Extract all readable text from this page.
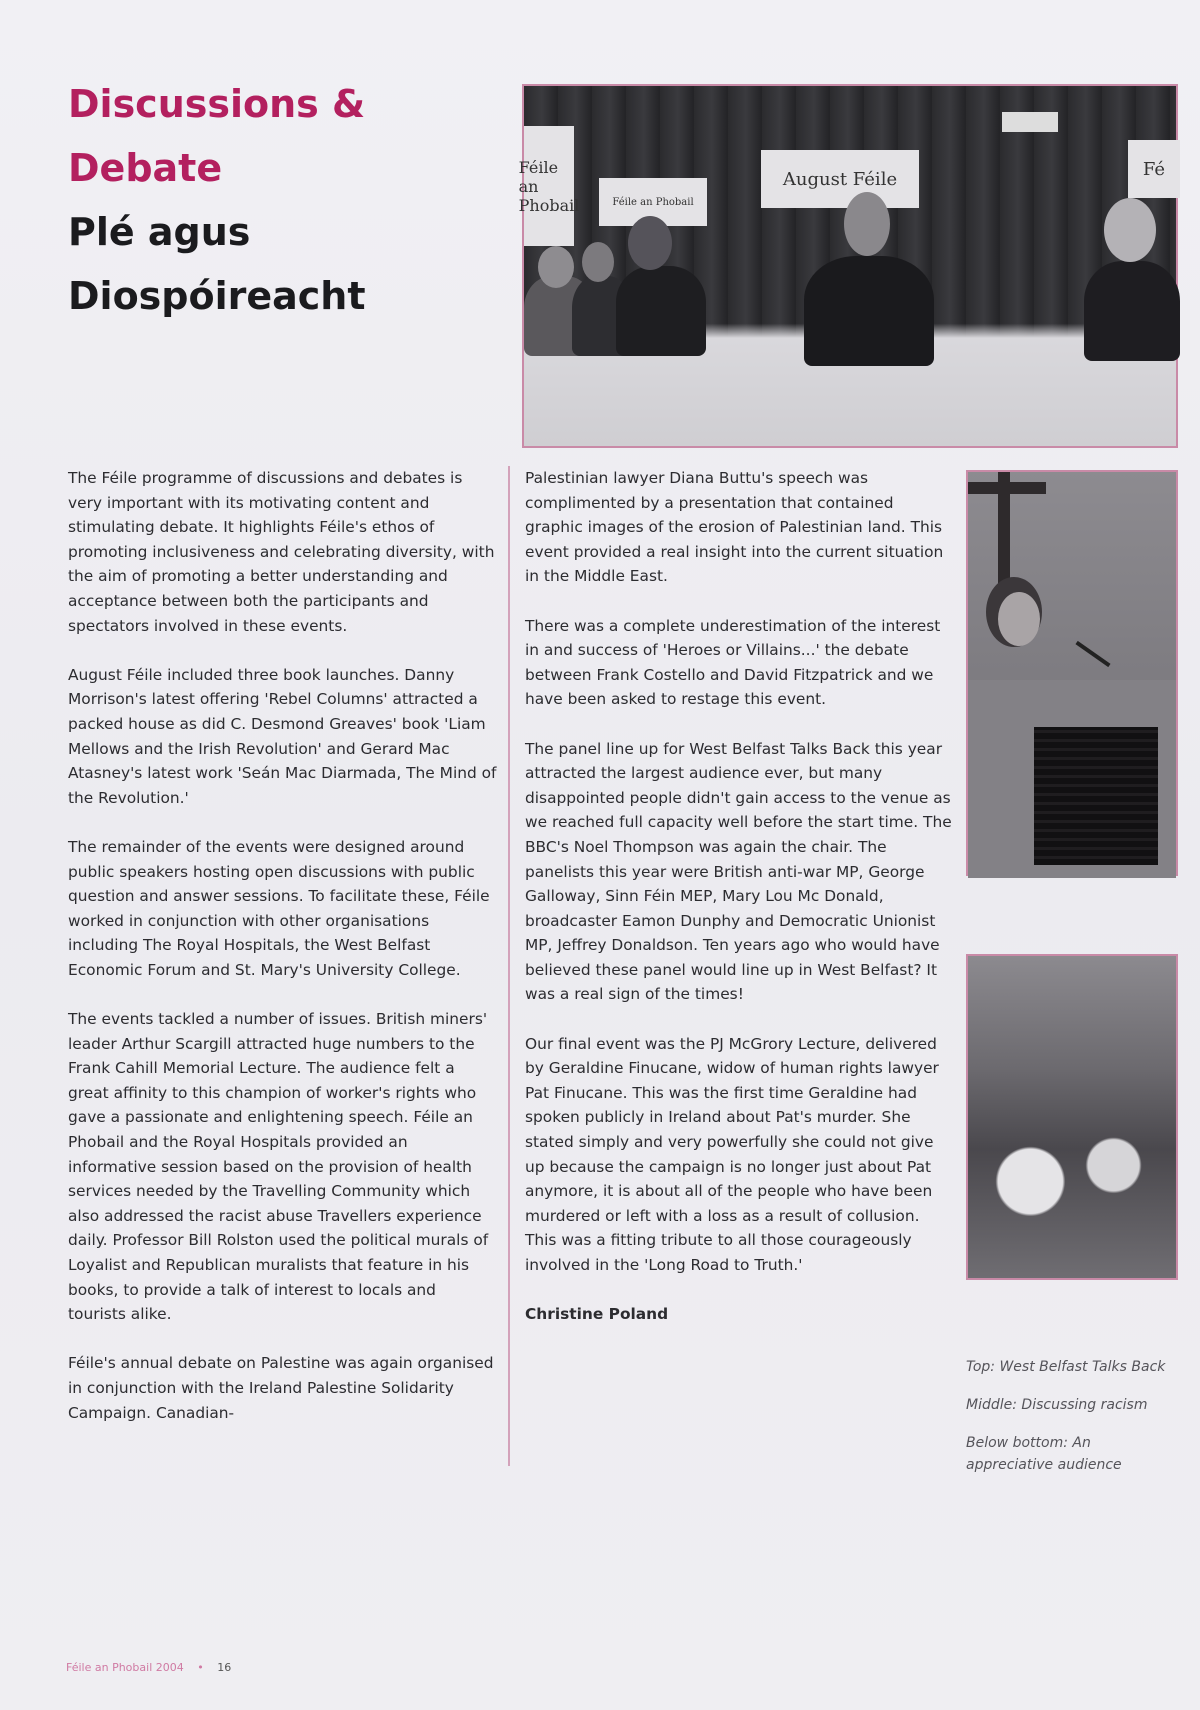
Discussions &
Debate
Plé agus
Diospóireacht
Féile an Phobail	Féile an Phobail
August Féile	Fé

The Féile programme of discussions and debates is very important with its motivating content and stimulating debate. It highlights Féile's ethos of promoting inclusiveness and celebrating diversity, with the aim of promoting a better understanding and acceptance between both the participants and spectators involved in these events.

August Féile included three book launches. Danny Morrison's latest offering 'Rebel Columns' attracted a packed house as did C. Desmond Greaves' book 'Liam Mellows and the Irish Revolution' and Gerard Mac Atasney's latest work 'Seán Mac Diarmada, The Mind of the Revolution.'

The remainder of the events were designed around public speakers hosting open discussions with public question and answer sessions. To facilitate these, Féile worked in conjunction with other organisations including The Royal Hospitals, the West Belfast Economic Forum and St. Mary's University College.

The events tackled a number of issues. British miners' leader Arthur Scargill attracted huge numbers to the Frank Cahill Memorial Lecture. The audience felt a great affinity to this champion of worker's rights who gave a passionate and enlightening speech. Féile an Phobail and the Royal Hospitals provided an informative session based on the provision of health services needed by the Travelling Community which also addressed the racist abuse Travellers experience daily. Professor Bill Rolston used the political murals of Loyalist and Republican muralists that feature in his books, to provide a talk of interest to locals and tourists alike.

Féile's annual debate on Palestine was again organised in conjunction with the Ireland Palestine Solidarity Campaign. Canadian-

Palestinian lawyer Diana Buttu's speech was complimented by a presentation that contained graphic images of the erosion of Palestinian land. This event provided a real insight into the current situation in the Middle East.

There was a complete underestimation of the interest in and success of 'Heroes or Villains...' the debate between Frank Costello and David Fitzpatrick and we have been asked to restage this event.

The panel line up for West Belfast Talks Back this year attracted the largest audience ever, but many disappointed people didn't gain access to the venue as we reached full capacity well before the start time. The BBC's Noel Thompson was again the chair. The panelists this year were British anti-war MP, George Galloway, Sinn Féin MEP, Mary Lou Mc Donald, broadcaster Eamon Dunphy and Democratic Unionist MP, Jeffrey Donaldson. Ten years ago who would have believed these panel would line up in West Belfast? It was a real sign of the times!

Our final event was the PJ McGrory Lecture, delivered by Geraldine Finucane, widow of human rights lawyer Pat Finucane. This was the first time Geraldine had spoken publicly in Ireland about Pat's murder. She stated simply and very powerfully she could not give up because the campaign is no longer just about Pat anymore, it is about all of the people who have been murdered or left with a loss as a result of collusion. This was a fitting tribute to all those courageously involved in the 'Long Road to Truth.'

Christine Poland

Top: West Belfast Talks Back

Middle: Discussing racism

Below bottom: An appreciative audience

Féile an Phobail 2004 • 16
